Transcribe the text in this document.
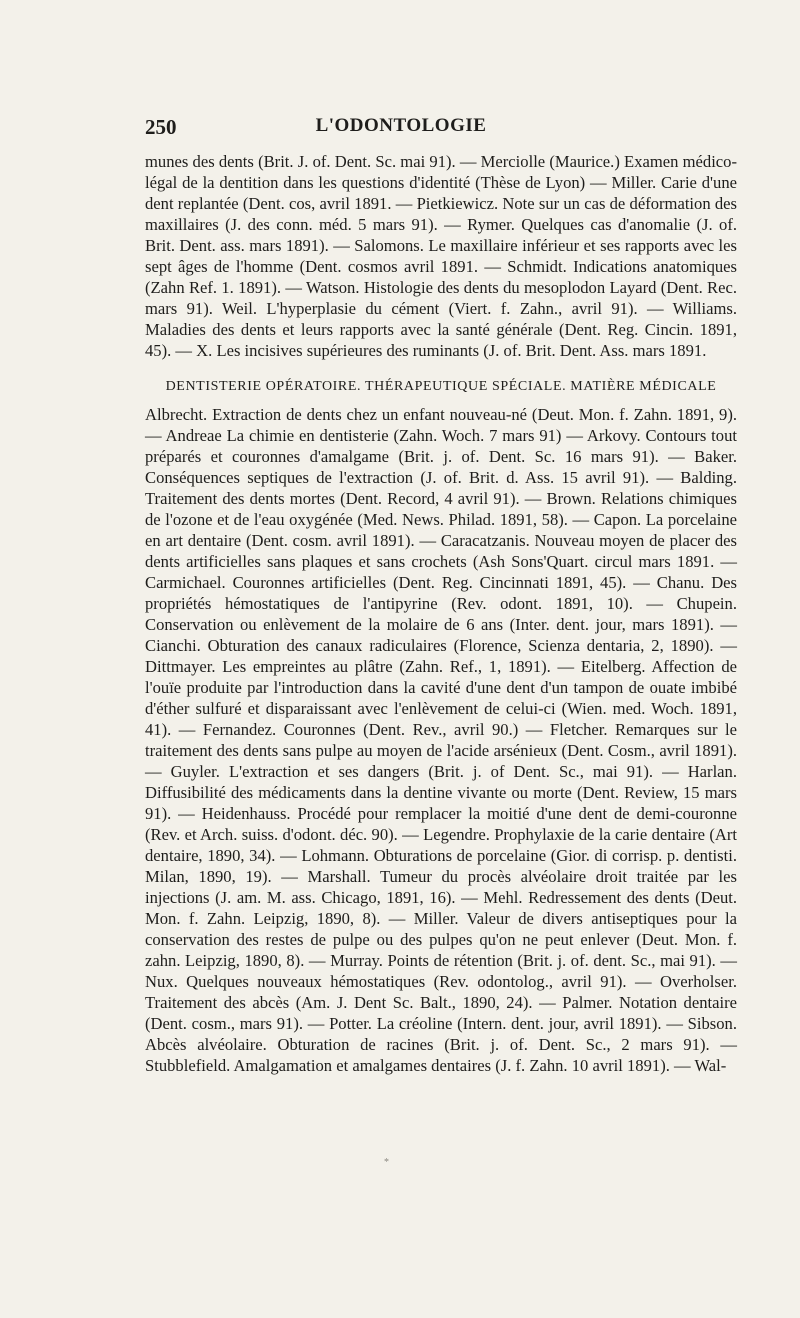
250	L'ODONTOLOGIE

munes des dents (Brit. J. of. Dent. Sc. mai 91). — Merciolle (Maurice.) Examen médico-légal de la dentition dans les questions d'identité (Thèse de Lyon) — Miller. Carie d'une dent replantée (Dent. cos, avril 1891. — Pietkiewicz. Note sur un cas de déformation des maxillaires (J. des conn. méd. 5 mars 91). — Rymer. Quelques cas d'anomalie (J. of. Brit. Dent. ass. mars 1891). — Salomons. Le maxillaire inférieur et ses rapports avec les sept âges de l'homme (Dent. cosmos avril 1891. — Schmidt. Indications anatomiques (Zahn Ref. 1. 1891). — Watson. Histologie des dents du mesoplodon Layard (Dent. Rec. mars 91). Weil. L'hyperplasie du cément (Viert. f. Zahn., avril 91). — Williams. Maladies des dents et leurs rapports avec la santé générale (Dent. Reg. Cincin. 1891, 45). — X. Les incisives supérieures des ruminants (J. of. Brit. Dent. Ass. mars 1891.

DENTISTERIE OPÉRATOIRE. THÉRAPEUTIQUE SPÉCIALE. MATIÈRE MÉDICALE

Albrecht. Extraction de dents chez un enfant nouveau-né (Deut. Mon. f. Zahn. 1891, 9). — Andreae La chimie en dentisterie (Zahn. Woch. 7 mars 91) — Arkovy. Contours tout préparés et couronnes d'amalgame (Brit. j. of. Dent. Sc. 16 mars 91). — Baker. Conséquences septiques de l'extraction (J. of. Brit. d. Ass. 15 avril 91). — Balding. Traitement des dents mortes (Dent. Record, 4 avril 91). — Brown. Relations chimiques de l'ozone et de l'eau oxygénée (Med. News. Philad. 1891, 58). — Capon. La porcelaine en art dentaire (Dent. cosm. avril 1891). — Caracatzanis. Nouveau moyen de placer des dents artificielles sans plaques et sans crochets (Ash Sons'Quart. circul mars 1891. — Carmichael. Couronnes artificielles (Dent. Reg. Cincinnati 1891, 45). — Chanu. Des propriétés hémostatiques de l'antipyrine (Rev. odont. 1891, 10). — Chupein. Conservation ou enlèvement de la molaire de 6 ans (Inter. dent. jour, mars 1891). — Cianchi. Obturation des canaux radiculaires (Florence, Scienza dentaria, 2, 1890). — Dittmayer. Les empreintes au plâtre (Zahn. Ref., 1, 1891). — Eitelberg. Affection de l'ouïe produite par l'introduction dans la cavité d'une dent d'un tampon de ouate imbibé d'éther sulfuré et disparaissant avec l'enlèvement de celui-ci (Wien. med. Woch. 1891, 41). — Fernandez. Couronnes (Dent. Rev., avril 90.) — Fletcher. Remarques sur le traitement des dents sans pulpe au moyen de l'acide arsénieux (Dent. Cosm., avril 1891). — Guyler. L'extraction et ses dangers (Brit. j. of Dent. Sc., mai 91). — Harlan. Diffusibilité des médicaments dans la dentine vivante ou morte (Dent. Review, 15 mars 91). — Heidenhauss. Procédé pour remplacer la moitié d'une dent de demi-couronne (Rev. et Arch. suiss. d'odont. déc. 90). — Legendre. Prophylaxie de la carie dentaire (Art dentaire, 1890, 34). — Lohmann. Obturations de porcelaine (Gior. di corrisp. p. dentisti. Milan, 1890, 19). — Marshall. Tumeur du procès alvéolaire droit traitée par les injections (J. am. M. ass. Chicago, 1891, 16). — Mehl. Redressement des dents (Deut. Mon. f. Zahn. Leipzig, 1890, 8). — Miller. Valeur de divers antiseptiques pour la conservation des restes de pulpe ou des pulpes qu'on ne peut enlever (Deut. Mon. f. zahn. Leipzig, 1890, 8). — Murray. Points de rétention (Brit. j. of. dent. Sc., mai 91). — Nux. Quelques nouveaux hémostatiques (Rev. odontolog., avril 91). — Overholser. Traitement des abcès (Am. J. Dent Sc. Balt., 1890, 24). — Palmer. Notation dentaire (Dent. cosm., mars 91). — Potter. La créoline (Intern. dent. jour, avril 1891). — Sibson. Abcès alvéolaire. Obturation de racines (Brit. j. of. Dent. Sc., 2 mars 91). — Stubblefield. Amalgamation et amalgames dentaires (J. f. Zahn. 10 avril 1891). — Wal-

*
